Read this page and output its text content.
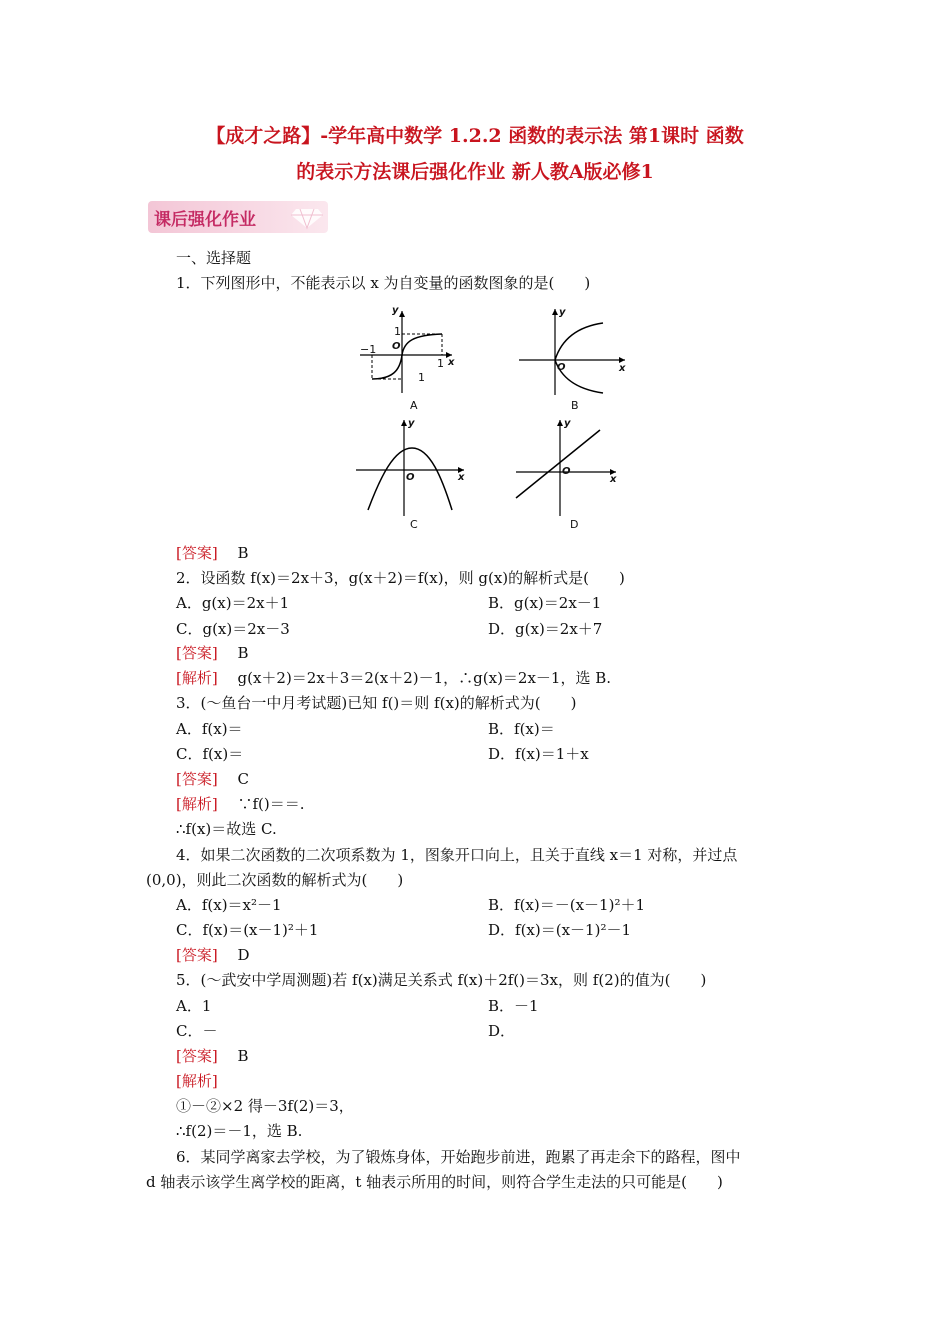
【成才之路】-学年高中数学 1.2.2 函数的表示法 第1课时 函数
的表示方法课后强化作业 新人教A版必修1
课后强化作业
一、选择题
1．下列图形中，不能表示以 x 为自变量的函数图象的是(　　)
y
x
O
−1
1
1
1
A
y
x
O
B
y
x
O
C
y
x
O
D
[答案]　 B
2．设函数 f(x)＝2x＋3，g(x＋2)＝f(x)，则 g(x)的解析式是(　　)
A．g(x)＝2x＋1	B．g(x)＝2x－1
C．g(x)＝2x－3	D．g(x)＝2x＋7
[答案]　 B
[解析]　 g(x＋2)＝2x＋3＝2(x＋2)－1，∴g(x)＝2x－1，选 B.
3．(～鱼台一中月考试题)已知 f()＝则 f(x)的解析式为(　　)
A．f(x)＝	B．f(x)＝
C．f(x)＝	D．f(x)＝1＋x
[答案]　 C
[解析]　 ∵f()＝＝.
∴f(x)＝故选 C.
4．如果二次函数的二次项系数为 1，图象开口向上，且关于直线 x＝1 对称，并过点
(0,0)，则此二次函数的解析式为(　　)
A．f(x)＝x²－1	B．f(x)＝－(x－1)²＋1
C．f(x)＝(x－1)²＋1	D．f(x)＝(x－1)²－1
[答案]　 D
5．(～武安中学周测题)若 f(x)满足关系式 f(x)＋2f()＝3x，则 f(2)的值为(　　)
A．1	B．－1
C．－	D．
[答案]　 B
[解析]
①－②×2 得－3f(2)＝3，
∴f(2)＝－1，选 B.
6．某同学离家去学校，为了锻炼身体，开始跑步前进，跑累了再走余下的路程，图中
d 轴表示该学生离学校的距离，t 轴表示所用的时间，则符合学生走法的只可能是(　　)
